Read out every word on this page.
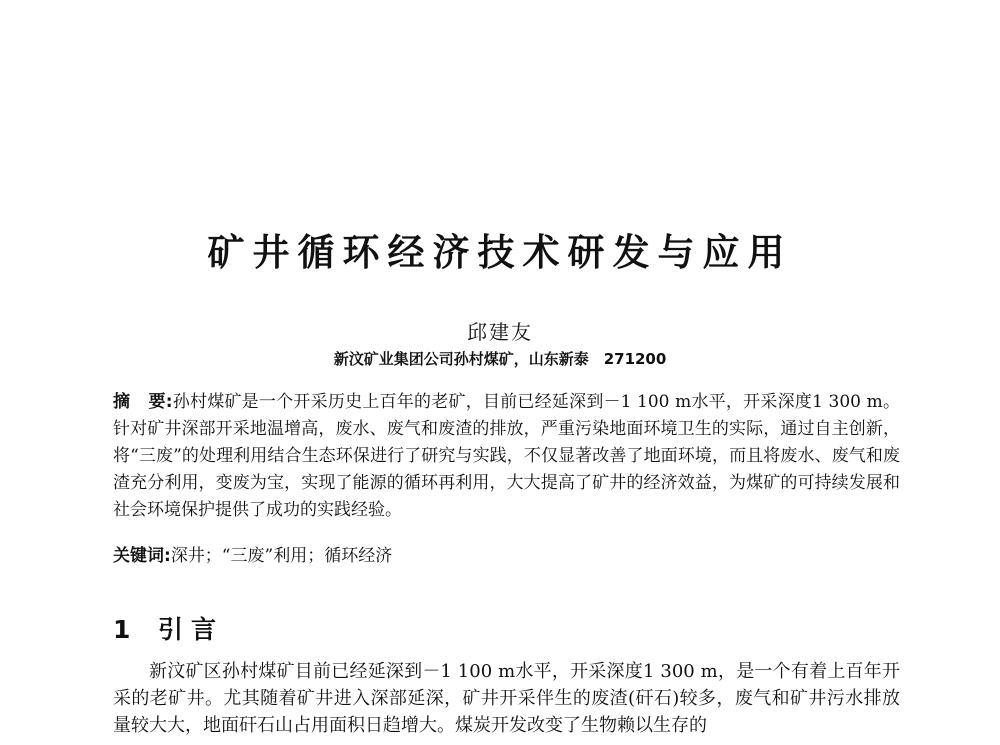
矿井循环经济技术研发与应用
邱建友
新汶矿业集团公司孙村煤矿，山东新泰　271200
摘 要:孙村煤矿是一个开采历史上百年的老矿，目前已经延深到－1 100 m水平，开采深度1 300 m。针对矿井深部开采地温增高，废水、废气和废渣的排放，严重污染地面环境卫生的实际，通过自主创新，将“三废”的处理利用结合生态环保进行了研究与实践，不仅显著改善了地面环境，而且将废水、废气和废渣充分利用，变废为宝，实现了能源的循环再利用，大大提高了矿井的经济效益，为煤矿的可持续发展和社会环境保护提供了成功的实践经验。
关键词:深井；“三废”利用；循环经济
1 引言
新汶矿区孙村煤矿目前已经延深到－1 100 m水平，开采深度1 300 m，是一个有着上百年开采的老矿井。尤其随着矿井进入深部延深，矿井开采伴生的废渣(矸石)较多，废气和矿井污水排放量较大大，地面矸石山占用面积日趋增大。煤炭开发改变了生物赖以生存的
